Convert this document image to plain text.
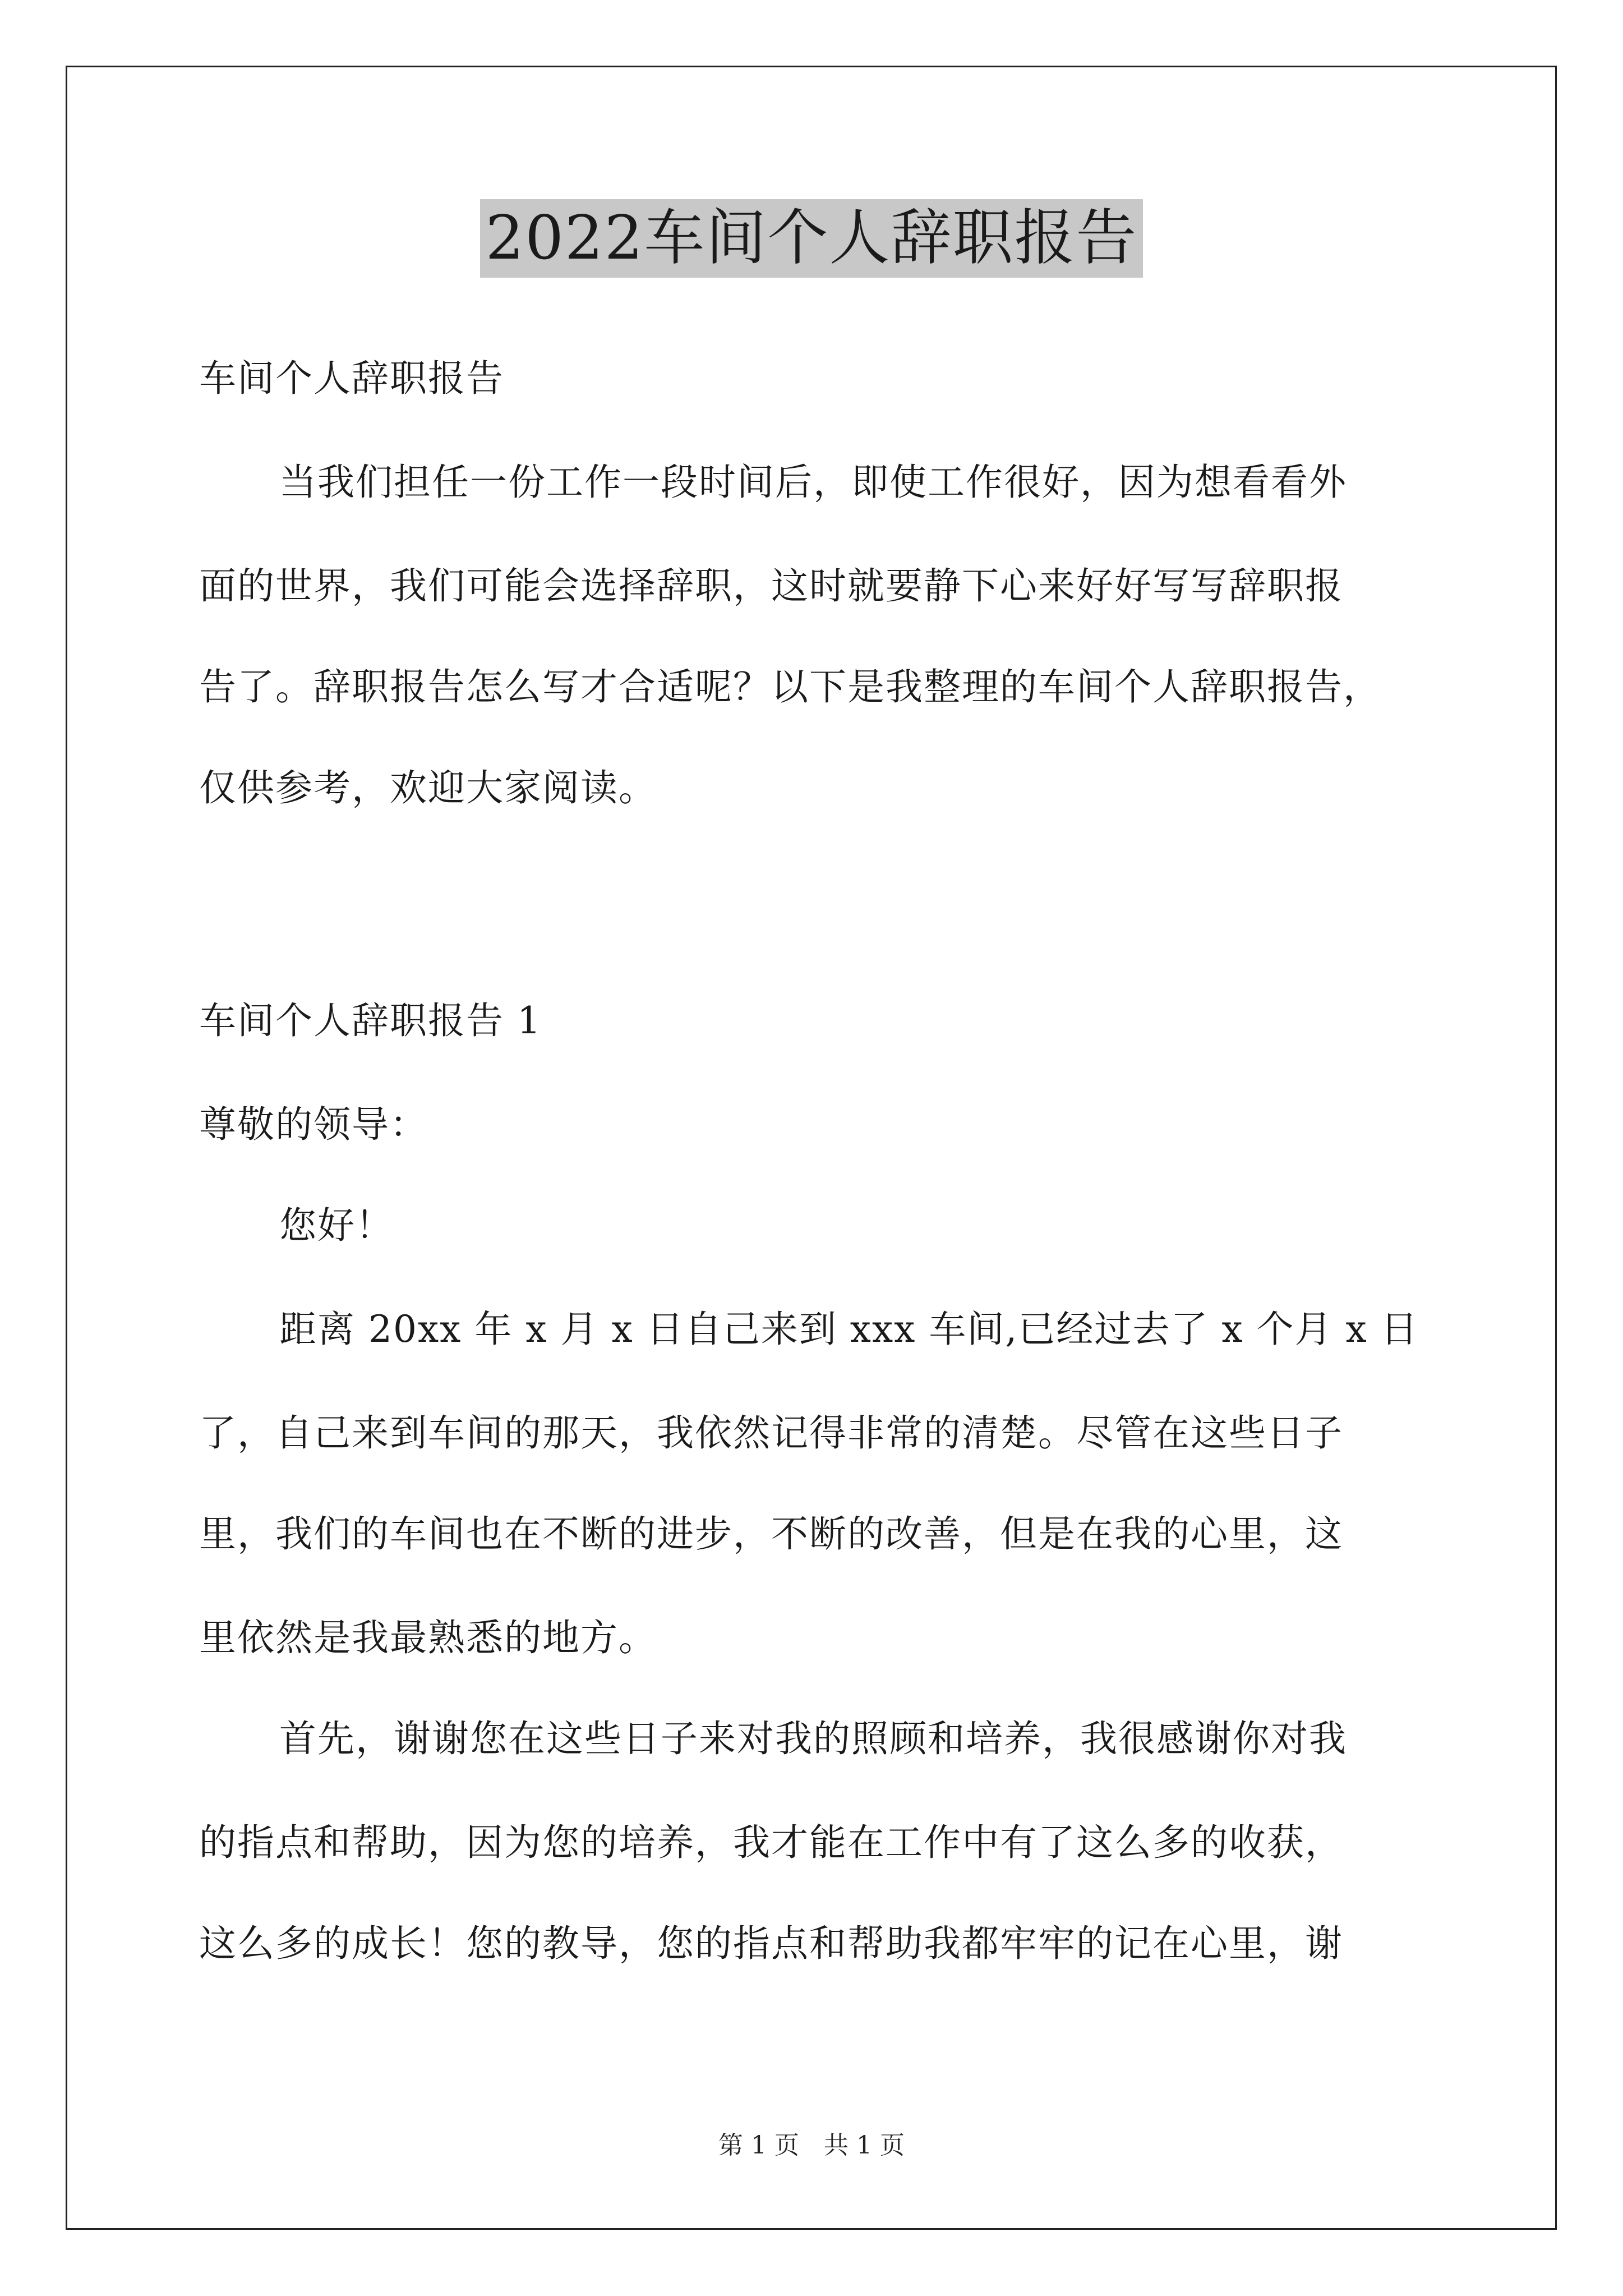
2022车间个人辞职报告
车间个人辞职报告
当我们担任一份工作一段时间后，即使工作很好，因为想看看外
面的世界，我们可能会选择辞职，这时就要静下心来好好写写辞职报
告了。辞职报告怎么写才合适呢？以下是我整理的车间个人辞职报告，
仅供参考，欢迎大家阅读。
车间个人辞职报告 1
尊敬的领导：
您好！
距离 20xx 年 x 月 x 日自己来到 xxx 车间,已经过去了 x 个月 x 日
了，自己来到车间的那天，我依然记得非常的清楚。尽管在这些日子
里，我们的车间也在不断的进步，不断的改善，但是在我的心里，这
里依然是我最熟悉的地方。
首先，谢谢您在这些日子来对我的照顾和培养，我很感谢你对我
的指点和帮助，因为您的培养，我才能在工作中有了这么多的收获，
这么多的成长！您的教导，您的指点和帮助我都牢牢的记在心里，谢
第 1 页　共 1 页
